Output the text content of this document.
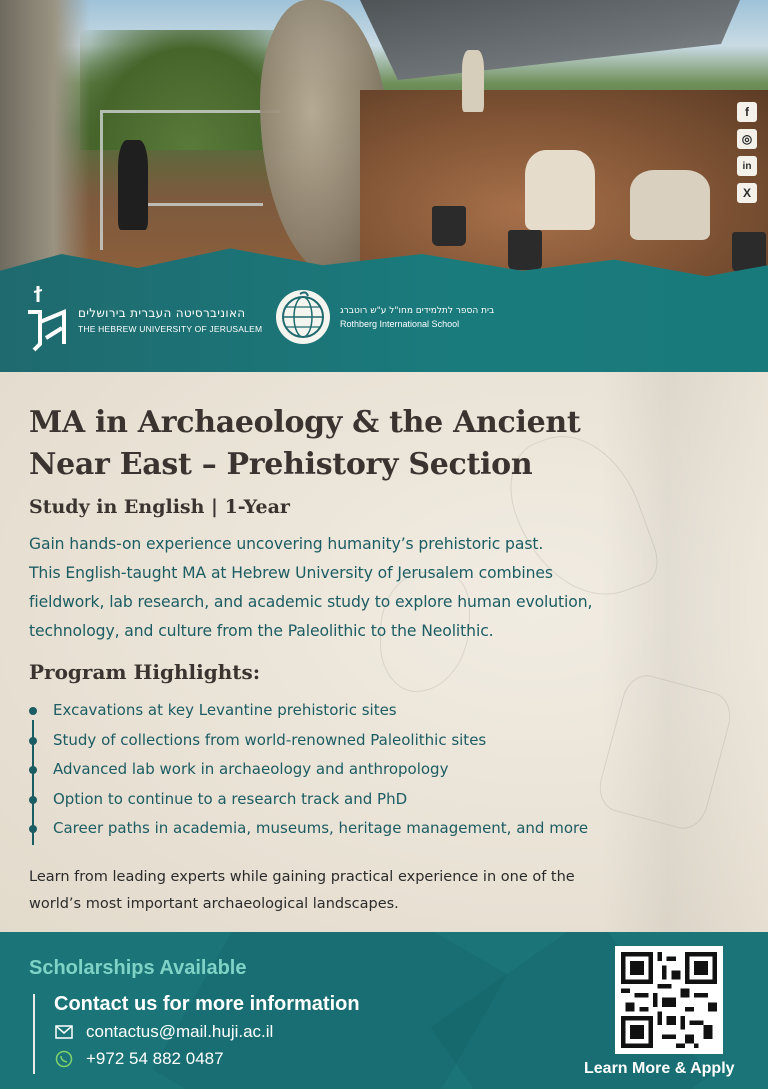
f
◎
in
X
האוניברסיטה העברית בירושלים
THE HEBREW UNIVERSITY OF JERUSALEM
בית הספר לתלמידים מחו"ל ע"ש רוטברג
Rothberg International School
MA in Archaeology & the Ancient
Near East – Prehistory Section
Study in English | 1-Year
Gain hands-on experience uncovering humanity’s prehistoric past.
This English-taught MA at Hebrew University of Jerusalem combines
fieldwork, lab research, and academic study to explore human evolution,
technology, and culture from the Paleolithic to the Neolithic.
Program Highlights:
Excavations at key Levantine prehistoric sites
Study of collections from world-renowned Paleolithic sites
Advanced lab work in archaeology and anthropology
Option to continue to a research track and PhD
Career paths in academia, museums, heritage management, and more
Learn from leading experts while gaining practical experience in one of the
world’s most important archaeological landscapes.
Scholarships Available
Contact us for more information
contactus@mail.huji.ac.il
+972 54 882 0487
Learn More & Apply
